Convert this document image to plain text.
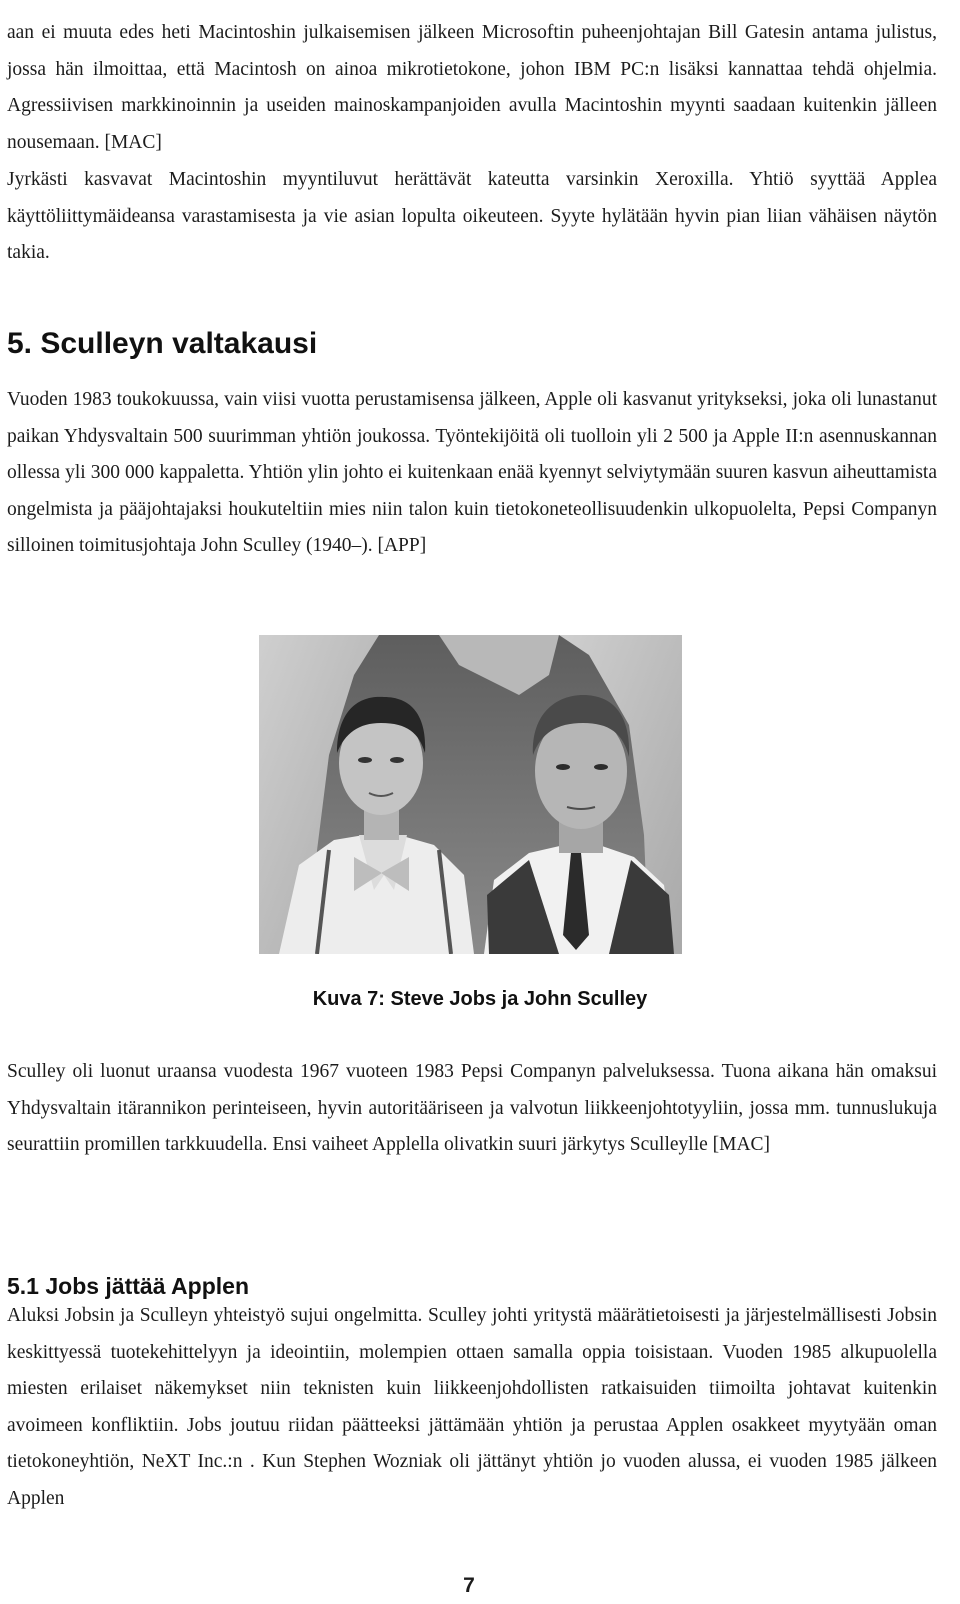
aan ei muuta edes heti Macintoshin julkaisemisen jälkeen Microsoftin puheenjohtajan Bill Gatesin antama julistus, jossa hän ilmoittaa, että Macintosh on ainoa mikrotietokone, johon IBM PC:n lisäksi kannattaa tehdä ohjelmia. Agressiivisen markkinoinnin ja useiden mainoskampanjoiden avulla Macintoshin myynti saadaan kuitenkin jälleen nousemaan. [MAC]

Jyrkästi kasvavat Macintoshin myyntiluvut herättävät kateutta varsinkin Xeroxilla. Yhtiö syyttää Applea käyttöliittymäideansa varastamisesta ja vie asian lopulta oikeuteen. Syyte hylätään hyvin pian liian vähäisen näytön takia.

5. Sculleyn valtakausi

Vuoden 1983 toukokuussa, vain viisi vuotta perustamisensa jälkeen, Apple oli kasvanut yritykseksi, joka oli lunastanut paikan Yhdysvaltain 500 suurimman yhtiön joukossa. Työntekijöitä oli tuolloin yli 2 500 ja Apple II:n asennuskannan ollessa yli 300 000 kappaletta. Yhtiön ylin johto ei kuitenkaan enää kyennyt selviytymään suuren kasvun aiheuttamista ongelmista ja pääjohtajaksi houkuteltiin mies niin talon kuin tietokoneteollisuudenkin ulkopuolelta, Pepsi Companyn silloinen toimitusjohtaja John Sculley (1940–). [APP]

Kuva 7: Steve Jobs ja John Sculley

Sculley oli luonut uraansa vuodesta 1967 vuoteen 1983 Pepsi Companyn palveluksessa. Tuona aikana hän omaksui Yhdysvaltain itärannikon perinteiseen, hyvin autoritääriseen ja valvotun liikkeenjohtotyyliin, jossa mm. tunnuslukuja seurattiin promillen tarkkuudella. Ensi vaiheet Applella olivatkin suuri järkytys Sculleylle [MAC]

5.1 Jobs jättää Applen

Aluksi Jobsin ja Sculleyn yhteistyö sujui ongelmitta. Sculley johti yritystä määrätietoisesti ja järjestelmällisesti Jobsin keskittyessä tuotekehittelyyn ja ideointiin, molempien ottaen samalla oppia toisistaan. Vuoden 1985 alkupuolella miesten erilaiset näkemykset niin teknisten kuin liikkeenjohdollisten ratkaisuiden tiimoilta johtavat kuitenkin avoimeen konfliktiin. Jobs joutuu riidan päätteeksi jättämään yhtiön ja perustaa Applen osakkeet myytyään oman tietokoneyhtiön, NeXT Inc.:n . Kun Stephen Wozniak oli jättänyt yhtiön jo vuoden alussa, ei vuoden 1985 jälkeen Applen

7
